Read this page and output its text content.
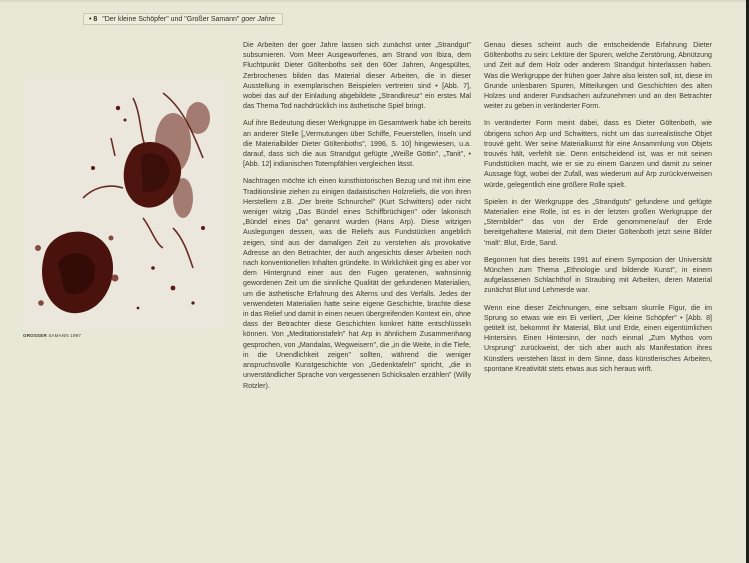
• 8 "Der kleine Schöpfer" und "Großer Samann" goer Jahre
GROSSER SAMANN 1997

Die Arbeiten der goer Jahre lassen sich zunächst unter „Strandgut" subsumieren. Vom Meer Ausgeworfenes, am Strand von Ibiza, dem Fluchtpunkt Dieter Göltenboths seit den 60er Jahren, Angespültes, Zerbrochenes bilden das Material dieser Arbeiten, die in dieser Ausstellung in exemplarischen Beispielen vertreten sind • [Abb. 7], wobei das auf der Einladung abgebildete „Strandkreuz" ein erstes Mal das Thema Tod nachdrücklich ins ästhetische Spiel bringt.

Auf ihre Bedeutung dieser Werkgruppe im Gesamtwerk habe ich bereits an anderer Stelle [„Vermutungen über Schiffe, Feuerstellen, Inseln und die Materialbilder Dieter Göltenboths", 1996, S. 10] hingewiesen, u.a. darauf, dass sich die aus Strandgut gefügte „Weiße Göttin", „Tanit", • [Abb. 12] indianischen Totempfählen vergleichen lässt.

Nachtragen möchte ich einen kunsthistorischen Bezug und mit ihm eine Traditionslinie ziehen zu einigen dadaistischen Holzreliefs, die von ihren Herstellern z.B. „Der breite Schnurchel" (Kurt Schwitters) oder nicht weniger witzig „Das Bündel eines Schiffbrüchigen" oder lakonisch „Bündel eines Da" genannt wurden (Hans Arp). Diese witzigen Auslegungen dessen, was die Reliefs aus Fundstücken angeblich zeigen, sind aus der damaligen Zeit zu verstehen als provokative Adresse an den Betrachter, der auch angesichts dieser Arbeiten noch nach konventionellen Inhalten gründelte. In Wirklichkeit ging es aber vor dem Hintergrund einer aus den Fugen geratenen, wahnsinnig gewordenen Zeit um die sinnliche Qualität der gefundenen Materialien, um die ästhetische Erfahrung des Alterns und des Verfalls. Jedes der verwendeten Materialien hatte seine eigene Geschichte, brachte diese in das Relief und damit in einen neuen übergreifenden Kontext ein, ohne dass der Betrachter diese Geschichten konkret hätte entschlüsseln können. Von „Meditationstafeln" hat Arp in ähnlichem Zusammenhang gesprochen, von „Mandalas, Wegweisern", die „in die Weite, in die Tiefe, in die Unendlichkeit zeigen" sollten, während die weniger anspruchsvolle Kunstgeschichte von „Gedenktafeln" spricht, „die in unverständlicher Sprache von vergessenen Schicksalen erzählen" (Willy Rotzler).

Genau dieses scheint auch die entscheidende Erfahrung Dieter Göltenboths zu sein: Lektüre der Spuren, welche Zerstörung, Abnützung und Zeit auf dem Holz oder anderem Strandgut hinterlassen haben. Was die Werkgruppe der frühen goer Jahre also leisten soll, ist, diese im Grunde unlesbaren Spuren, Mitteilungen und Geschichten des alten Holzes und anderer Fundsachen aufzunehmen und an den Betrachter weiter zu geben in veränderter Form.

In veränderter Form meint dabei, dass es Dieter Göltenboth, wie übrigens schon Arp und Schwitters, nicht um das surrealistische Objet trouvé geht. Wer seine Materialkunst für eine Ansammlung von Objets trouvés hält, verfehlt sie. Denn entscheidend ist, was er mit seinen Fundstücken macht, wie er sie zu einem Ganzen und damit zu seiner Aussage fügt, wobei der Zufall, was wiederum auf Arp zurückverweisen würde, gelegentlich eine größere Rolle spielt.

Spielen in der Werkgruppe des „Strandguts" gefundene und gefügte Materialien eine Rolle, ist es in der letzten großen Werkgruppe der „Sternbilder" das von der Erde genommene/auf der Erde bereitgehaltene Material, mit dem Dieter Göltenboth jetzt seine Bilder 'malt': Blut, Erde, Sand.

Begonnen hat dies bereits 1991 auf einem Symposion der Universität München zum Thema „Ethnologie und bildende Kunst", in einem aufgelassenen Schlachthof in Straubing mit Arbeiten, deren Material zunächst Blut und Lehmerde war.

Wenn eine dieser Zeichnungen, eine seltsam skurrile Figur, die im Sprung so etwas wie ein Ei verliert, „Der kleine Schöpfer" • [Abb. 8] getitelt ist, bekommt ihr Material, Blut und Erde, einen eigentümlichen Hintersinn. Einen Hintersinn, der noch einmal „Zum Mythos vom Ursprung" zurückweist, der sich aber auch als Manifestation ihres Künstlers verstehen lässt in dem Sinne, dass künstlerisches Arbeiten, spontane Kreativität stets etwas aus sich heraus wirft.
